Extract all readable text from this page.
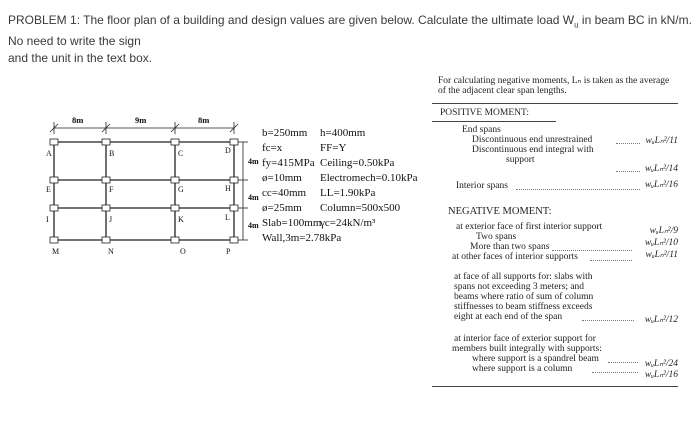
PROBLEM 1: The floor plan of a building and design values are given below. Calculate the ultimate load $W_u$ in beam BC in kN/m. No need to write the sign
and the unit in the text box.
8m	9m	8m
4m
4m
4m
A	B	C	D
E	F	G	H
I	J	K	L
M	N	O	P
b=250mm	h=400mm
fc=x	FF=Y
fy=415MPa Ceiling=0.50kPa
ø=10mm	Electromech=0.10kPa
cc=40mm	LL=1.90kPa
ø=25mm	Column=500x500
Slab=100mm
γc=24kN/m³
Wall,3m=2.78kPa
For calculating negative moments, Lₙ is taken as the average
of the adjacent clear span lengths.
POSITIVE MOMENT:
End spans
Discontinuous end unrestrained	wᵤLₙ²/11
Discontinuous end integral with
support
wᵤLₙ²/14
Interior spans	wᵤLₙ²/16
NEGATIVE MOMENT:
at exterior face of first interior support
Two spans
wᵤLₙ²/9
More than two spans	wᵤLₙ²/10
at other faces of interior supports	wᵤLₙ²/11
at face of all supports for: slabs with
spans not exceeding 3 meters; and
beams where ratio of sum of column
stiffnesses to beam stiffness exceeds
eight at each end of the span	wᵤLₙ²/12
at interior face of exterior support for
members built integrally with supports:
where support is a spandrel beam	wᵤLₙ²/24
where support is a column
wᵤLₙ²/16
